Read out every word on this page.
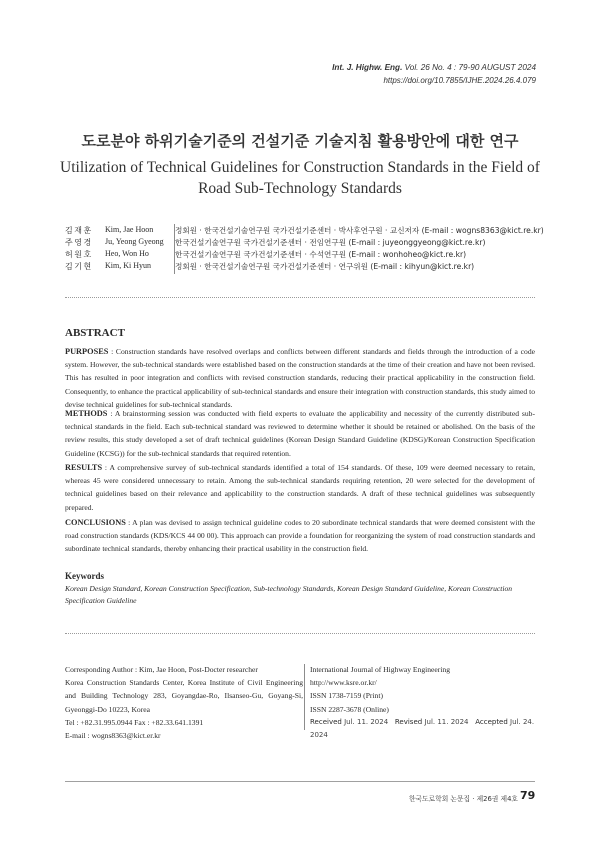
Int. J. Highw. Eng. Vol. 26 No. 4 : 79-90 AUGUST 2024
https://doi.org/10.7855/IJHE.2024.26.4.079
도로분야 하위기술기준의 건설기준 기술지침 활용방안에 대한 연구
Utilization of Technical Guidelines for Construction Standards in the Field of
Road Sub-Technology Standards
김재훈	Kim, Jae Hoon	정회원 · 한국건설기술연구원 국가건설기준센터 · 박사후연구원 · 교신저자 (E-mail : wogns8363@kict.re.kr)
주영경	Ju, Yeong Gyeong	한국건설기술연구원 국가건설기준센터 · 전임연구원 (E-mail : juyeonggyeong@kict.re.kr)
허원호	Heo, Won Ho	한국건설기술연구원 국가건설기준센터 · 수석연구원 (E-mail : wonhoheo@kict.re.kr)
김기현	Kim, Ki Hyun	정회원 · 한국건설기술연구원 국가건설기준센터 · 연구위원 (E-mail : kihyun@kict.re.kr)
ABSTRACT
PURPOSES : Construction standards have resolved overlaps and conflicts between different standards and fields through the introduction of a code system. However, the sub-technical standards were established based on the construction standards at the time of their creation and have not been revised. This has resulted in poor integration and conflicts with revised construction standards, reducing their practical applicability in the construction field. Consequently, to enhance the practical applicability of sub-technical standards and ensure their integration with construction standards, this study aimed to devise technical guidelines for sub-technical standards.
METHODS : A brainstorming session was conducted with field experts to evaluate the applicability and necessity of the currently distributed sub-technical standards in the field. Each sub-technical standard was reviewed to determine whether it should be retained or abolished. On the basis of the review results, this study developed a set of draft technical guidelines (Korean Design Standard Guideline (KDSG)/Korean Construction Specification Guideline (KCSG)) for the sub-technical standards that required retention.
RESULTS : A comprehensive survey of sub-technical standards identified a total of 154 standards. Of these, 109 were deemed necessary to retain, whereas 45 were considered unnecessary to retain. Among the sub-technical standards requiring retention, 20 were selected for the development of technical guidelines based on their relevance and applicability to the construction standards. A draft of these technical guidelines was subsequently prepared.
CONCLUSIONS : A plan was devised to assign technical guideline codes to 20 subordinate technical standards that were deemed consistent with the road construction standards (KDS/KCS 44 00 00). This approach can provide a foundation for reorganizing the system of road construction standards and subordinate technical standards, thereby enhancing their practical usability in the construction field.
Keywords
Korean Design Standard, Korean Construction Specification, Sub-technology Standards, Korean Design Standard Guideline, Korean Construction Specification Guideline
Corresponding Author : Kim, Jae Hoon, Post-Docter researcher
Korea Construction Standards Center, Korea Institute of Civil Engineering and Building Technology 283, Goyangdae-Ro, Ilsanseo-Gu, Goyang-Si, Gyeonggi-Do 10223, Korea
Tel : +82.31.995.0944 Fax : +82.33.641.1391
E-mail : wogns8363@kict.er.kr
International Journal of Highway Engineering
http://www.ksre.or.kr/
ISSN 1738-7159 (Print)
ISSN 2287-3678 (Online)
Received Jul. 11. 2024 Revised Jul. 11. 2024 Accepted Jul. 24. 2024
한국도로학회 논문집 · 제26권 제4호 79
